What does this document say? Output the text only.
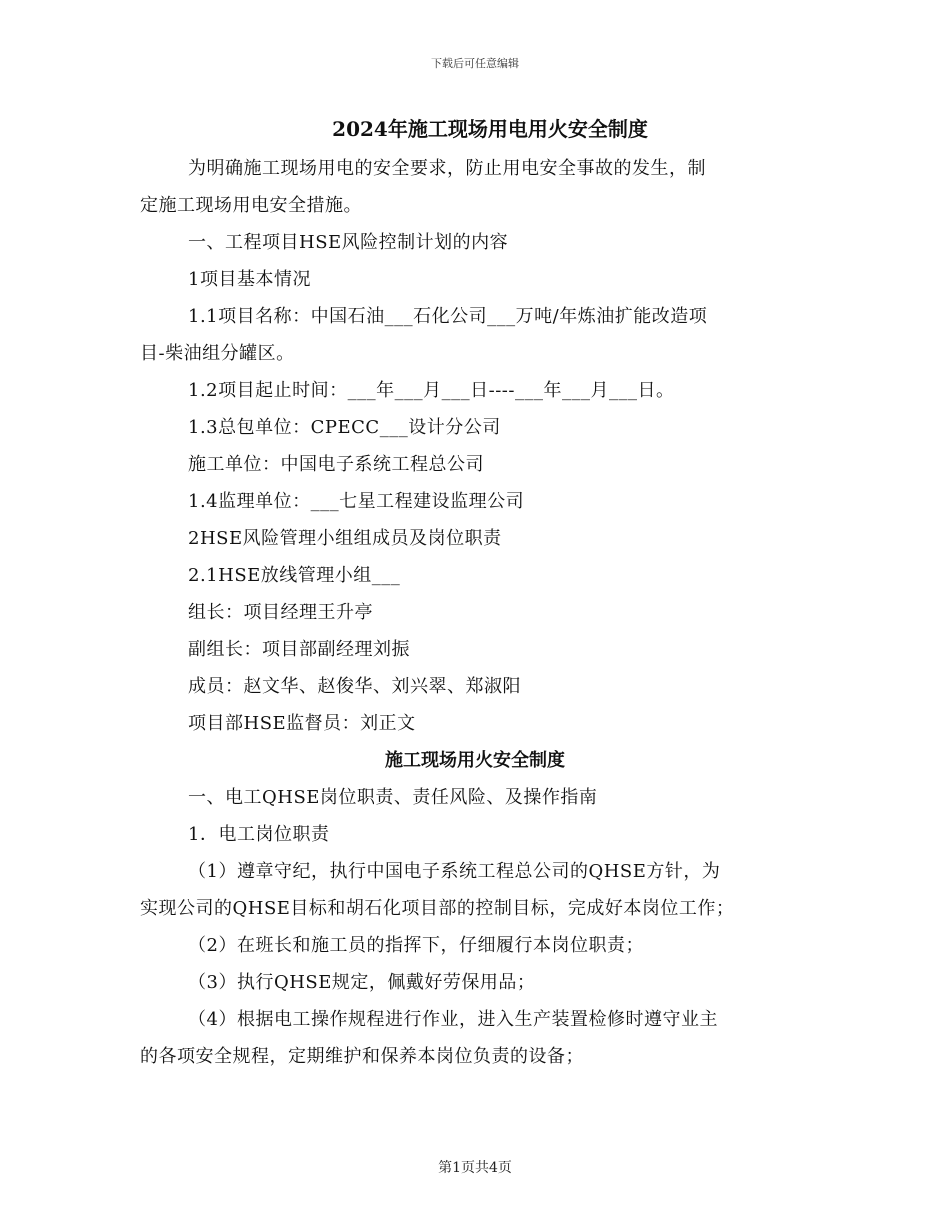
下载后可任意编辑
2024年施工现场用电用火安全制度

为明确施工现场用电的安全要求，防止用电安全事故的发生，制

定施工现场用电安全措施。

一、工程项目HSE风险控制计划的内容

1项目基本情况

1.1项目名称：中国石油___石化公司___万吨/年炼油扩能改造项

目-柴油组分罐区。

1.2项目起止时间：___年___月___日----___年___月___日。

1.3总包单位：CPECC___设计分公司

施工单位：中国电子系统工程总公司

1.4监理单位：___七星工程建设监理公司

2HSE风险管理小组组成员及岗位职责

2.1HSE放线管理小组___

组长：项目经理王升亭

副组长：项目部副经理刘振

成员：赵文华、赵俊华、刘兴翠、郑淑阳

项目部HSE监督员：刘正文

施工现场用火安全制度

一、电工QHSE岗位职责、责任风险、及操作指南

1．电工岗位职责

（1）遵章守纪，执行中国电子系统工程总公司的QHSE方针，为

实现公司的QHSE目标和胡石化项目部的控制目标，完成好本岗位工作；

（2）在班长和施工员的指挥下，仔细履行本岗位职责；

（3）执行QHSE规定，佩戴好劳保用品；

（4）根据电工操作规程进行作业，进入生产装置检修时遵守业主

的各项安全规程，定期维护和保养本岗位负责的设备；

第1页共4页
